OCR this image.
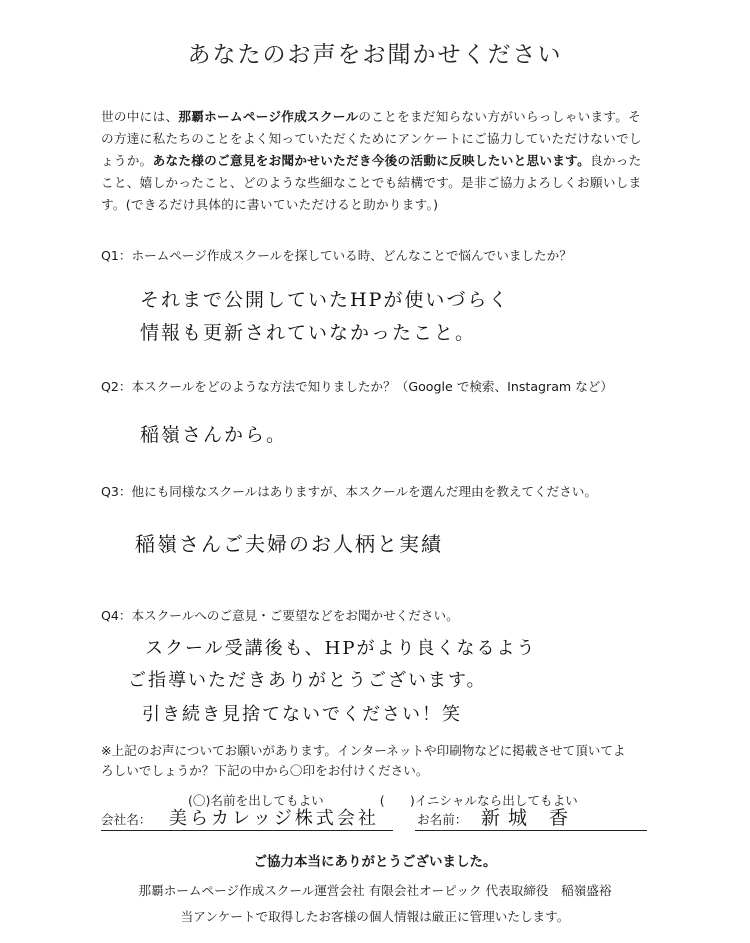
あなたのお声をお聞かせください
世の中には、那覇ホームページ作成スクールのことをまだ知らない方がいらっしゃいます。そ
の方達に私たちのことをよく知っていただくためにアンケートにご協力していただけないでし
ょうか。あなた様のご意見をお聞かせいただき今後の活動に反映したいと思います。良かった
こと、嬉しかったこと、どのような些細なことでも結構です。是非ご協力よろしくお願いしま
す。(できるだけ具体的に書いていただけると助かります。)
Q1：ホームページ作成スクールを探している時、どんなことで悩んでいましたか？
それまで公開していたHPが使いづらく
情報も更新されていなかったこと。
Q2：本スクールをどのような方法で知りましたか？（Google で検索、Instagram など）
稲嶺さんから。
Q3：他にも同様なスクールはありますが、本スクールを選んだ理由を教えてください。
稲嶺さんご夫婦のお人柄と実績
Q4：本スクールへのご意見・ご要望などをお聞かせください。
スクール受講後も、HPがより良くなるよう
ご指導いただきありがとうございます。
引き続き見捨てないでください！笑
※上記のお声についてお願いがあります。インターネットや印刷物などに掲載させて頂いてよ
ろしいでしょうか？下記の中から〇印をお付けください。
(〇)名前を出してもよい	(　　)イニシャルなら出してもよい
会社名： 美らカレッジ株式会社	お名前： 新城 香
ご協力本当にありがとうございました。
那覇ホームページ作成スクール運営会社 有限会社オーピック 代表取締役　稲嶺盛裕
当アンケートで取得したお客様の個人情報は厳正に管理いたします。
